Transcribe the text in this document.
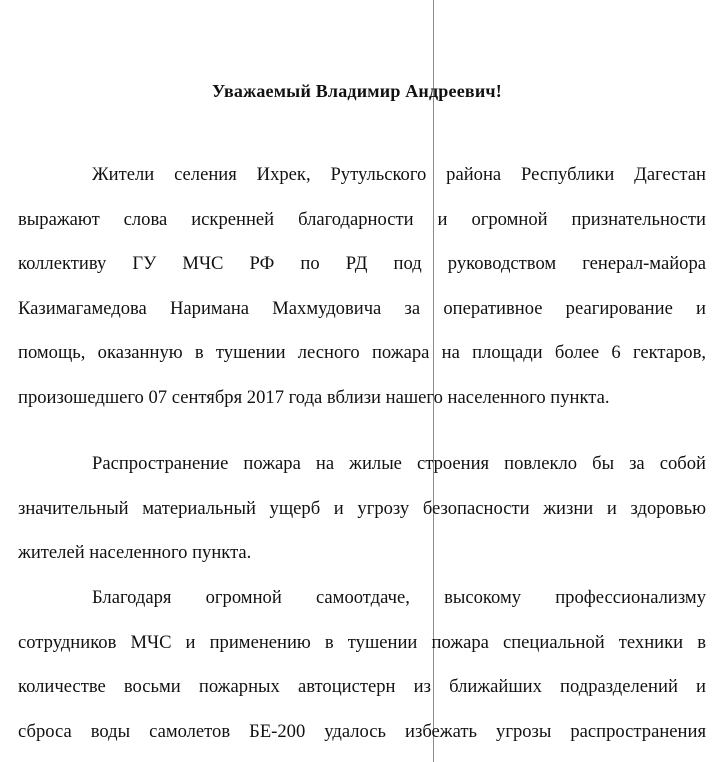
Уважаемый Владимир Андреевич!
Жители селения Ихрек, Рутульского района Республики Дагестан
выражают слова искренней благодарности и огромной признательности
коллективу ГУ МЧС РФ по РД под руководством генерал-майора
Казимагамедова Наримана Махмудовича за оперативное реагирование и
помощь, оказанную в тушении лесного пожара на площади более 6 гектаров,
произошедшего 07 сентября 2017 года вблизи нашего населенного пункта.
Распространение пожара на жилые строения повлекло бы за собой
значительный материальный ущерб и угрозу безопасности жизни и здоровью
жителей населенного пункта.
Благодаря огромной самоотдаче, высокому профессионализму
сотрудников МЧС и применению в тушении пожара специальной техники в
количестве восьми пожарных автоцистерн из ближайших подразделений и
сброса воды самолетов БЕ-200 удалось избежать угрозы распространения
